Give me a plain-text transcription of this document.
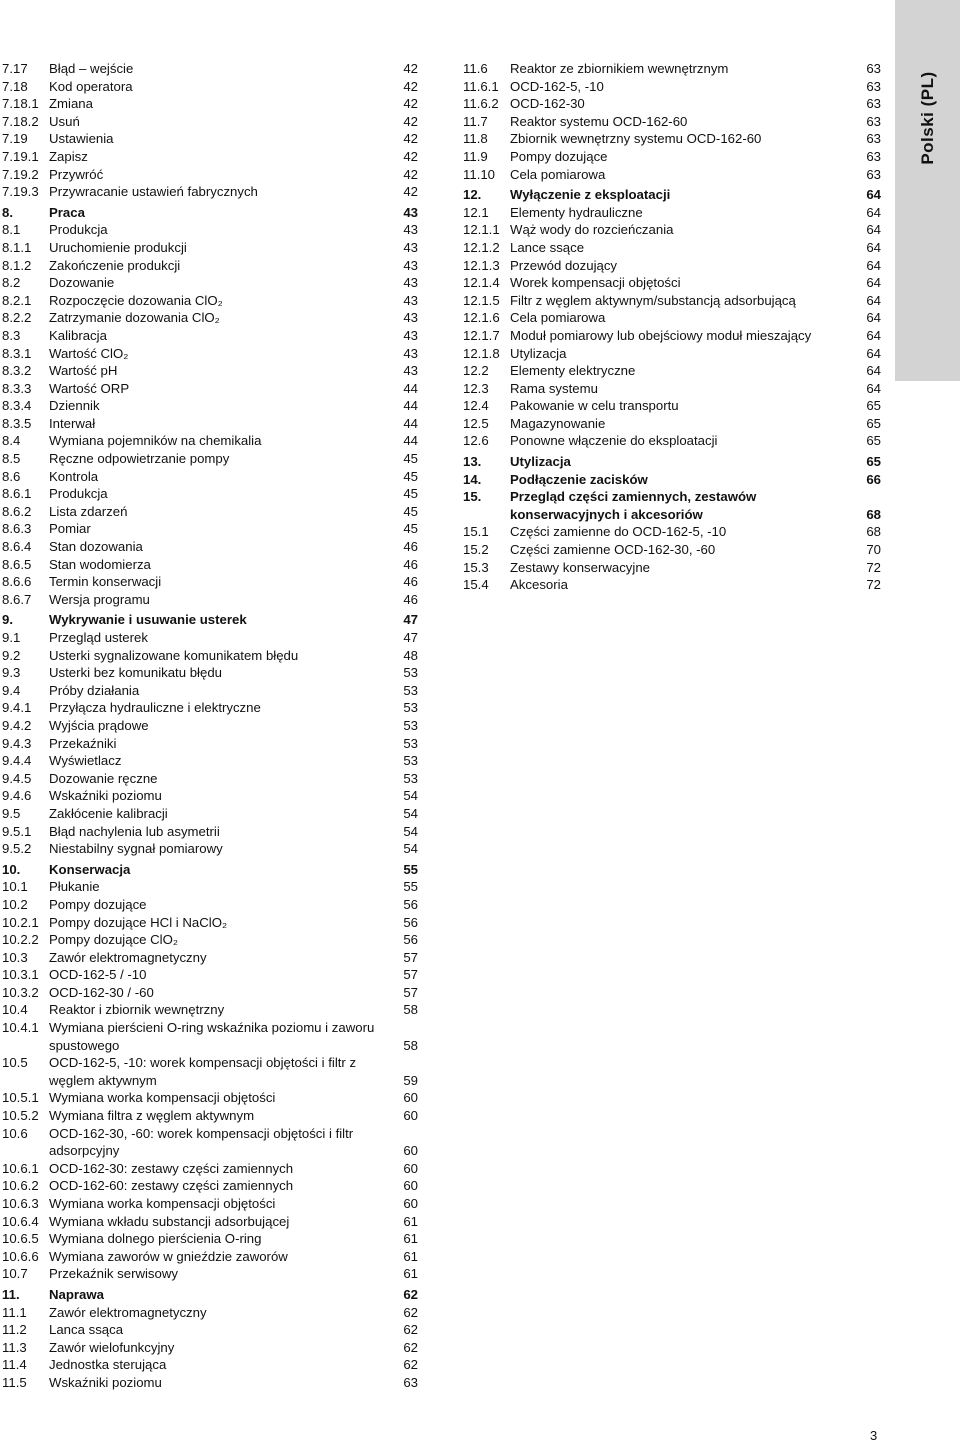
7.17 Błąd – wejście	42
7.18 Kod operatora	42
7.18.1 Zmiana	42
7.18.2 Usuń	42
7.19 Ustawienia	42
7.19.1 Zapisz	42
7.19.2 Przywróć	42
7.19.3 Przywracanie ustawień fabrycznych	42
8.	Praca	43
8.1 Produkcja	43
8.1.1 Uruchomienie produkcji	43
8.1.2 Zakończenie produkcji	43
8.2 Dozowanie	43
8.2.1 Rozpoczęcie dozowania ClO₂	43
8.2.2 Zatrzymanie dozowania ClO₂	43
8.3 Kalibracja	43
8.3.1 Wartość ClO₂	43
8.3.2 Wartość pH	43
8.3.3 Wartość ORP	44
8.3.4 Dziennik	44
8.3.5 Interwał	44
8.4 Wymiana pojemników na chemikalia	44
8.5 Ręczne odpowietrzanie pompy	45
8.6 Kontrola	45
8.6.1 Produkcja	45
8.6.2 Lista zdarzeń	45
8.6.3 Pomiar	45
8.6.4 Stan dozowania	46
8.6.5 Stan wodomierza	46
8.6.6 Termin konserwacji	46
8.6.7 Wersja programu	46
9.	Wykrywanie i usuwanie usterek	47
9.1 Przegląd usterek	47
9.2 Usterki sygnalizowane komunikatem błędu	48
9.3 Usterki bez komunikatu błędu	53
9.4 Próby działania	53
9.4.1 Przyłącza hydrauliczne i elektryczne	53
9.4.2 Wyjścia prądowe	53
9.4.3 Przekaźniki	53
9.4.4 Wyświetlacz	53
9.4.5 Dozowanie ręczne	53
9.4.6 Wskaźniki poziomu	54
9.5 Zakłócenie kalibracji	54
9.5.1 Błąd nachylenia lub asymetrii	54
9.5.2 Niestabilny sygnał pomiarowy	54
10. Konserwacja	55
10.1 Płukanie	55
10.2 Pompy dozujące	56
10.2.1 Pompy dozujące HCl i NaClO₂	56
10.2.2 Pompy dozujące ClO₂	56
10.3 Zawór elektromagnetyczny	57
10.3.1 OCD-162-5 / -10	57
10.3.2 OCD-162-30 / -60	57
10.4 Reaktor i zbiornik wewnętrzny	58
10.4.1 Wymiana pierścieni O-ring wskaźnika poziomu i zaworu spustowego	58
10.5 OCD-162-5, -10: worek kompensacji objętości i filtr z węglem aktywnym	59
10.5.1 Wymiana worka kompensacji objętości	60
10.5.2 Wymiana filtra z węglem aktywnym	60
10.6 OCD-162-30, -60: worek kompensacji objętości i filtr adsorpcyjny	60
10.6.1 OCD-162-30: zestawy części zamiennych	60
10.6.2 OCD-162-60: zestawy części zamiennych	60
10.6.3 Wymiana worka kompensacji objętości	60
10.6.4 Wymiana wkładu substancji adsorbującej	61
10.6.5 Wymiana dolnego pierścienia O-ring	61
10.6.6 Wymiana zaworów w gnieździe zaworów	61
10.7 Przekaźnik serwisowy	61
11. Naprawa	62
11.1 Zawór elektromagnetyczny	62
11.2 Lanca ssąca	62
11.3 Zawór wielofunkcyjny	62
11.4 Jednostka sterująca	62
11.5 Wskaźniki poziomu	63
11.6 Reaktor ze zbiornikiem wewnętrznym	63
11.6.1 OCD-162-5, -10	63
11.6.2 OCD-162-30	63
11.7 Reaktor systemu OCD-162-60	63
11.8 Zbiornik wewnętrzny systemu OCD-162-60	63
11.9 Pompy dozujące	63
11.10 Cela pomiarowa	63
12. Wyłączenie z eksploatacji	64
12.1 Elementy hydrauliczne	64
12.1.1 Wąż wody do rozcieńczania	64
12.1.2 Lance ssące	64
12.1.3 Przewód dozujący	64
12.1.4 Worek kompensacji objętości	64
12.1.5 Filtr z węglem aktywnym/substancją adsorbującą	64
12.1.6 Cela pomiarowa	64
12.1.7 Moduł pomiarowy lub obejściowy moduł mieszający	64
12.1.8 Utylizacja	64
12.2 Elementy elektryczne	64
12.3 Rama systemu	64
12.4 Pakowanie w celu transportu	65
12.5 Magazynowanie	65
12.6 Ponowne włączenie do eksploatacji	65
13. Utylizacja	65
14. Podłączenie zacisków	66
15. Przegląd części zamiennych, zestawów konserwacyjnych i akcesoriów	68
15.1 Części zamienne do OCD-162-5, -10	68
15.2 Części zamienne OCD-162-30, -60	70
15.3 Zestawy konserwacyjne	72
15.4 Akcesoria	72
Polski (PL)
3
